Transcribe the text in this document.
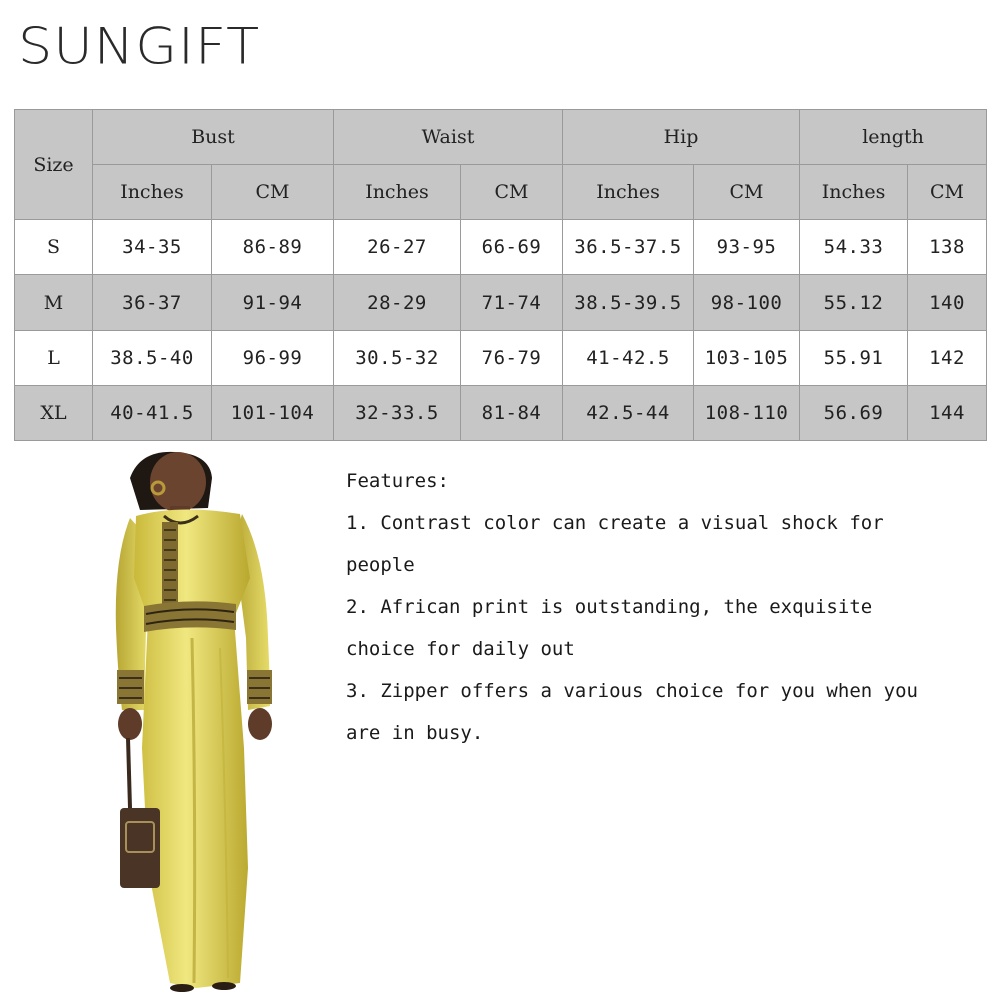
SUNGIFT
Size	Bust		Waist		Hip		length	
	Inches	CM	Inches	CM	Inches	CM	Inches	CM
S	34-35	86-89	26-27	66-69	36.5-37.5	93-95	54.33	138
M	36-37	91-94	28-29	71-74	38.5-39.5	98-100	55.12	140
L	38.5-40	96-99	30.5-32	76-79	41-42.5	103-105	55.91	142
XL	40-41.5	101-104	32-33.5	81-84	42.5-44	108-110	56.69	144

Features:

1. Contrast color can create a visual shock for

people

2. African print is outstanding, the exquisite

choice for daily out

3. Zipper offers a various choice for you when you

are in busy.
